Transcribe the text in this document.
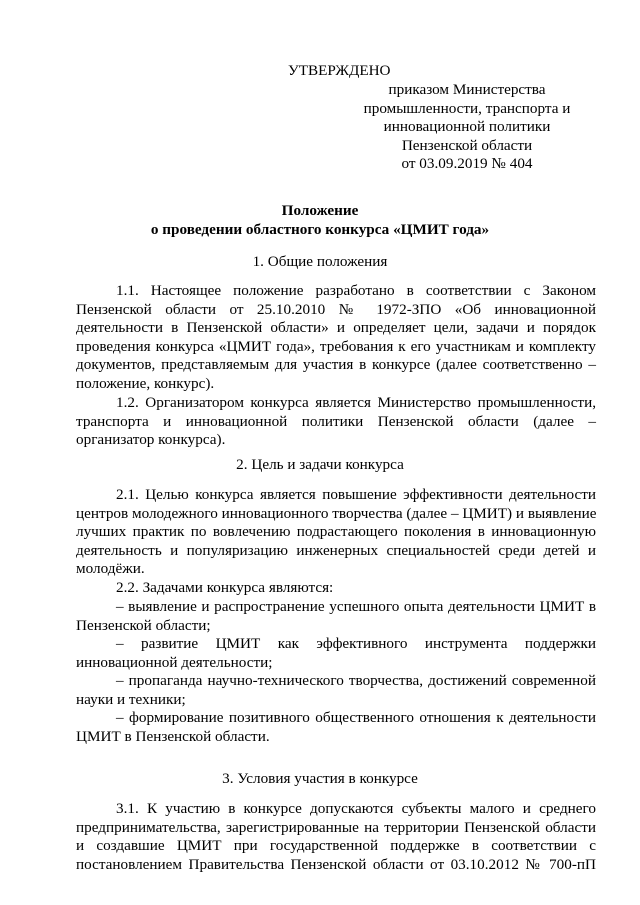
УТВЕРЖДЕНО
приказом Министерства
промышленности, транспорта и
инновационной политики
Пензенской области
от 03.09.2019 № 404
Положение
о проведении областного конкурса «ЦМИТ года»
1. Общие положения
1.1. Настоящее положение разработано в соответствии с Законом
Пензенской области от 25.10.2010 № 1972-ЗПО «Об инновационной
деятельности в Пензенской области» и определяет цели, задачи и порядок
проведения конкурса «ЦМИТ года», требования к его участникам и комплекту
документов, представляемым для участия в конкурсе (далее соответственно –
положение, конкурс).
1.2. Организатором конкурса является Министерство промышленности,
транспорта и инновационной политики Пензенской области (далее –
организатор конкурса).
2. Цель и задачи конкурса
2.1. Целью конкурса является повышение эффективности деятельности
центров молодежного инновационного творчества (далее – ЦМИТ) и выявление
лучших практик по вовлечению подрастающего поколения в инновационную
деятельность и популяризацию инженерных специальностей среди детей и
молодёжи.
2.2. Задачами конкурса являются:
– выявление и распространение успешного опыта деятельности ЦМИТ в
Пензенской области;
– развитие ЦМИТ как эффективного инструмента поддержки
инновационной деятельности;
– пропаганда научно-технического творчества, достижений современной
науки и техники;
– формирование позитивного общественного отношения к деятельности
ЦМИТ в Пензенской области.
3. Условия участия в конкурсе
3.1. К участию в конкурсе допускаются субъекты малого и среднего
предпринимательства, зарегистрированные на территории Пензенской области
и создавшие ЦМИТ при государственной поддержке в соответствии с
постановлением Правительства Пензенской области от 03.10.2012 № 700-пП
